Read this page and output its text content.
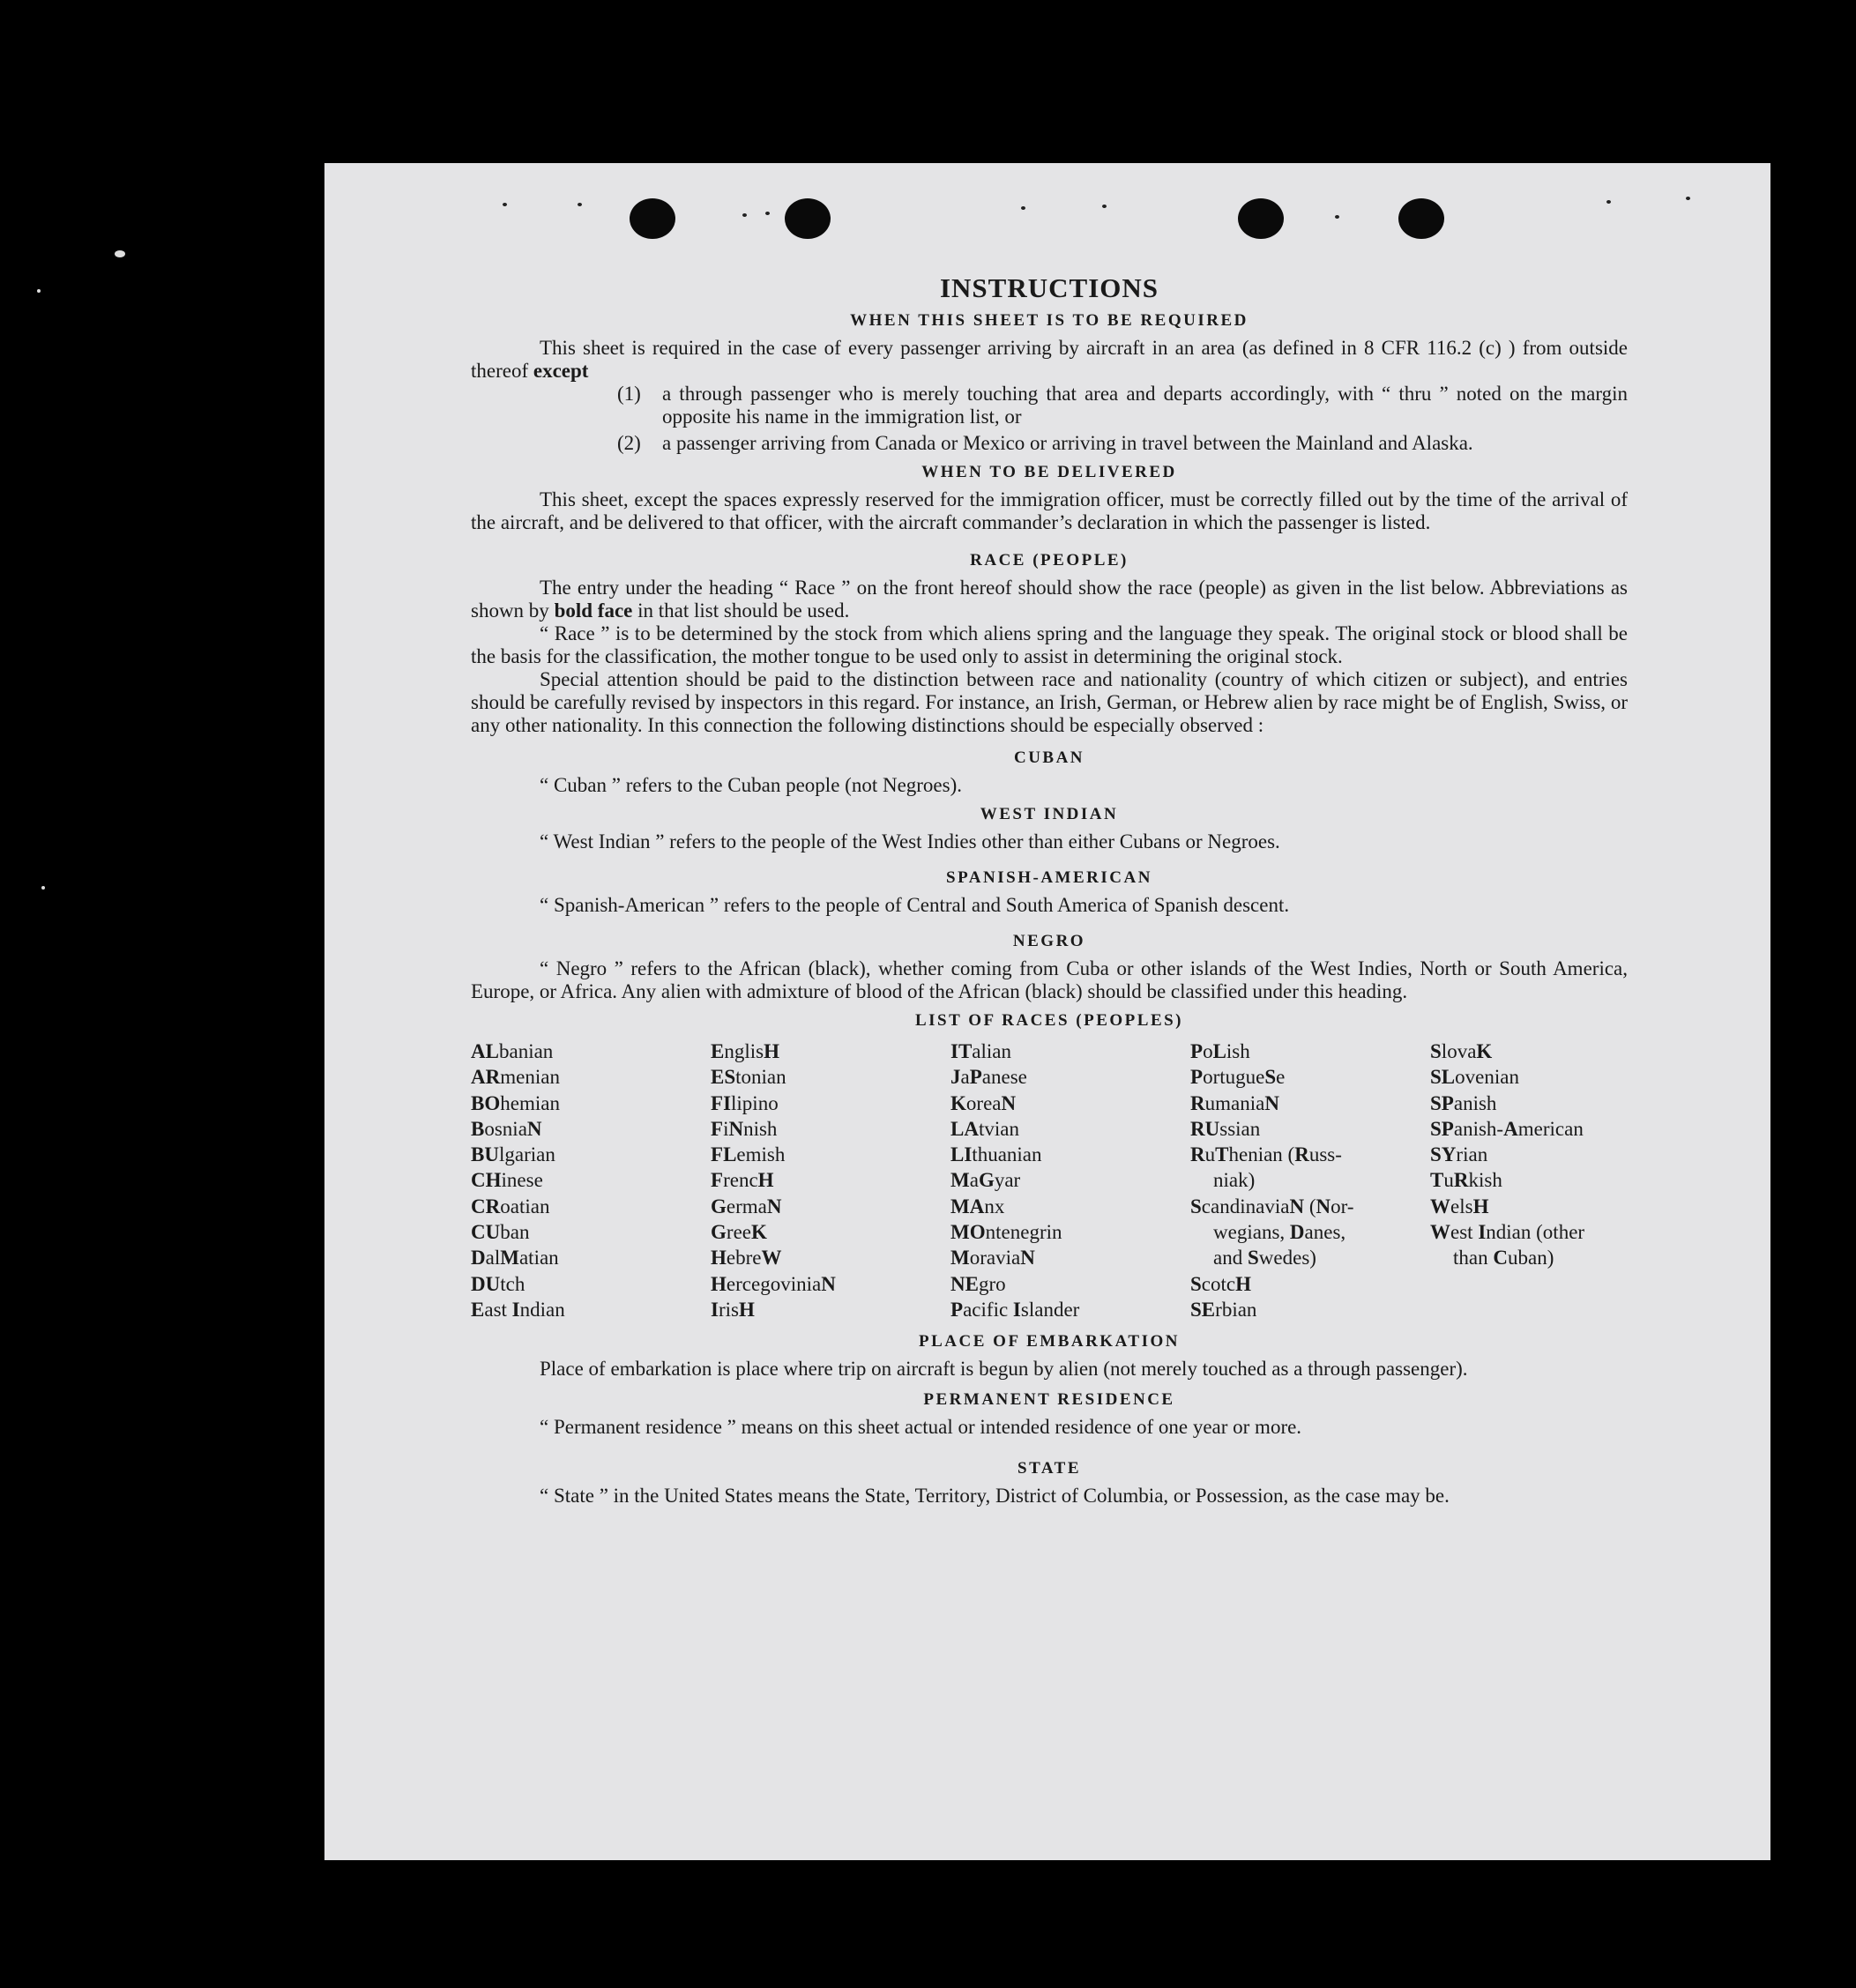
INSTRUCTIONS
WHEN THIS SHEET IS TO BE REQUIRED

This sheet is required in the case of every passenger arriving by aircraft in an area (as defined in 8 CFR 116.2 (c) ) from outside thereof except

(1)	a through passenger who is merely touching that area and departs accordingly, with “ thru ” noted on the margin opposite his name in the immigration list, or
(2)	a passenger arriving from Canada or Mexico or arriving in travel between the Mainland and Alaska.
WHEN TO BE DELIVERED

This sheet, except the spaces expressly reserved for the immigration officer, must be correctly filled out by the time of the arrival of the aircraft, and be delivered to that officer, with the aircraft commander’s declaration in which the passenger is listed.

RACE (PEOPLE)

The entry under the heading “ Race ” on the front hereof should show the race (people) as given in the list below. Abbreviations as shown by bold face in that list should be used.

“ Race ” is to be determined by the stock from which aliens spring and the language they speak. The original stock or blood shall be the basis for the classification, the mother tongue to be used only to assist in determining the original stock.

Special attention should be paid to the distinction between race and nationality (country of which citizen or subject), and entries should be carefully revised by inspectors in this regard. For instance, an Irish, German, or Hebrew alien by race might be of English, Swiss, or any other nationality. In this connection the following distinctions should be especially observed :

CUBAN

“ Cuban ” refers to the Cuban people (not Negroes).

WEST INDIAN

“ West Indian ” refers to the people of the West Indies other than either Cubans or Negroes.

SPANISH-AMERICAN

“ Spanish-American ” refers to the people of Central and South America of Spanish descent.

NEGRO

“ Negro ” refers to the African (black), whether coming from Cuba or other islands of the West Indies, North or South America, Europe, or Africa. Any alien with admixture of blood of the African (black) should be classified under this heading.

LIST OF RACES (PEOPLES)
ALbanian
ARmenian
BOhemian
BosniaN
BUlgarian
CHinese
CRoatian
CUban
DalMatian
DUtch
East Indian
EnglisH
EStonian
FIlipino
FiNnish
FLemish
FrencH
GermaN
GreeK
HebreW
HercegoviniaN
IrisH
ITalian
JaPanese
KoreaN
LAtvian
LIthuanian
MaGyar
MAnx
MOntenegrin
MoraviaN
NEgro
Pacific Islander
PoLish
PortugueSe
RumaniaN
RUssian
RuThenian (Russ-
niak)
ScandinaviaN (Nor-
wegians, Danes,
and Swedes)
ScotcH
SErbian
SlovaK
SLovenian
SPanish
SPanish-American
SYrian
TuRkish
WelsH
West Indian (other
than Cuban)
PLACE OF EMBARKATION

Place of embarkation is place where trip on aircraft is begun by alien (not merely touched as a through passenger).

PERMANENT RESIDENCE

“ Permanent residence ” means on this sheet actual or intended residence of one year or more.

STATE

“ State ” in the United States means the State, Territory, District of Columbia, or Possession, as the case may be.
